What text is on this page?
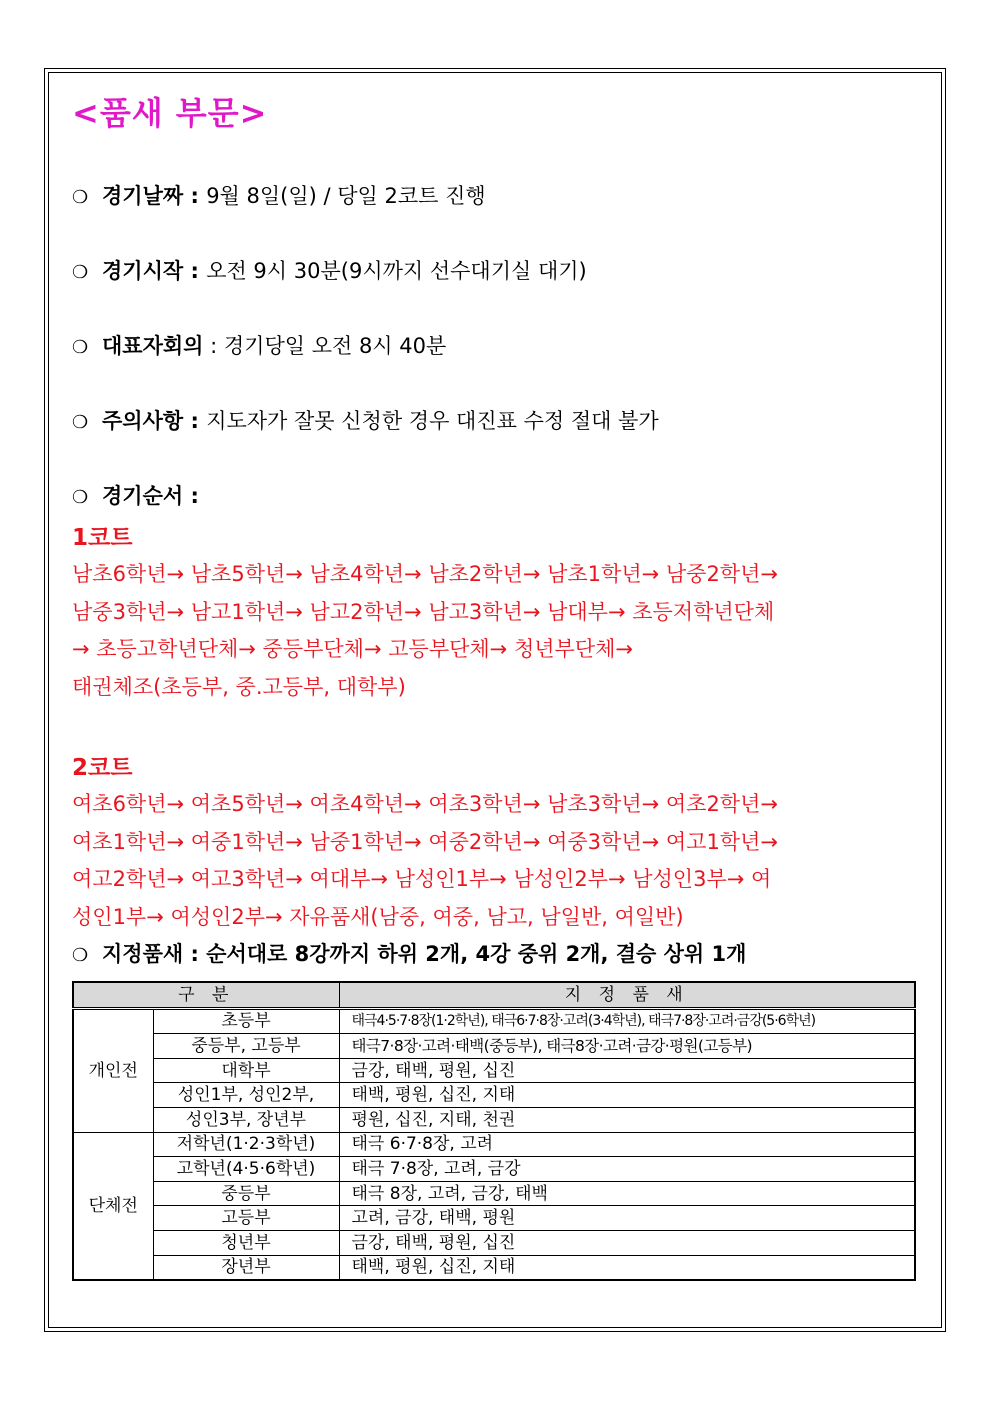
<품새 부문>
❍ 경기날짜 : 9월 8일(일) / 당일 2코트 진행
❍ 경기시작 : 오전 9시 30분(9시까지 선수대기실 대기)
❍ 대표자회의 : 경기당일 오전 8시 40분
❍ 주의사항 : 지도자가 잘못 신청한 경우 대진표 수정 절대 불가
❍ 경기순서 :
1코트

남초6학년→ 남초5학년→ 남초4학년→ 남초2학년→ 남초1학년→ 남중2학년→

남중3학년→ 남고1학년→ 남고2학년→ 남고3학년→ 남대부→ 초등저학년단체

→ 초등고학년단체→ 중등부단체→ 고등부단체→ 청년부단체→

태권체조(초등부, 중.고등부, 대학부)

2코트

여초6학년→ 여초5학년→ 여초4학년→ 여초3학년→ 남초3학년→ 여초2학년→

여초1학년→ 여중1학년→ 남중1학년→ 여중2학년→ 여중3학년→ 여고1학년→

여고2학년→ 여고3학년→ 여대부→ 남성인1부→ 남성인2부→ 남성인3부→ 여

성인1부→ 여성인2부→ 자유품새(남중, 여중, 남고, 남일반, 여일반)

❍ 지정품새 : 순서대로 8강까지 하위 2개, 4강 중위 2개, 결승 상위 1개
구 분		지 정 품 새
개인전	초등부	태극4·5·7·8장(1·2학년), 태극6·7·8장·고려(3·4학년), 태극7·8장·고려·금강(5·6학년)
	중등부, 고등부	태극7·8장·고려·태백(중등부), 태극8장·고려·금강·평원(고등부)
	대학부	금강, 태백, 평원, 십진
	성인1부, 성인2부,	태백, 평원, 십진, 지태
	성인3부, 장년부	평원, 십진, 지태, 천권
단체전	저학년(1·2·3학년)	태극 6·7·8장, 고려
	고학년(4·5·6학년)	태극 7·8장, 고려, 금강
	중등부	태극 8장, 고려, 금강, 태백
	고등부	고려, 금강, 태백, 평원
	청년부	금강, 태백, 평원, 십진
	장년부	태백, 평원, 십진, 지태
